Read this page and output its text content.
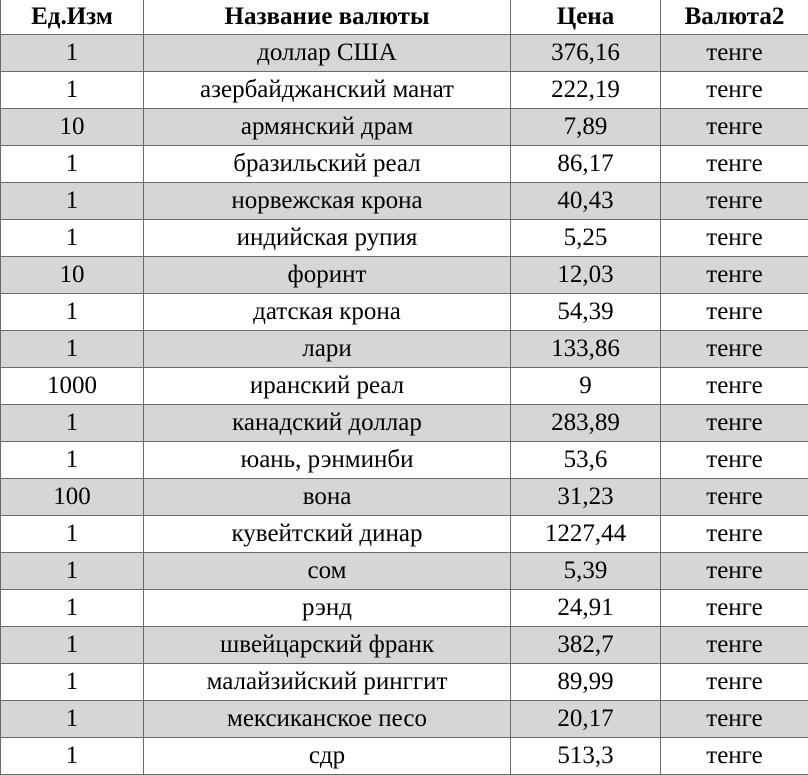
Ед.Изм	Название валюты	Цена	Валюта2
1	доллар США	376,16	тенге
1	азербайджанский манат	222,19	тенге
10	армянский драм	7,89	тенге
1	бразильский реал	86,17	тенге
1	норвежская крона	40,43	тенге
1	индийская рупия	5,25	тенге
10	форинт	12,03	тенге
1	датская крона	54,39	тенге
1	лари	133,86	тенге
1000	иранский реал	9	тенге
1	канадский доллар	283,89	тенге
1	юань, рэнминби	53,6	тенге
100	вона	31,23	тенге
1	кувейтский динар	1227,44	тенге
1	сом	5,39	тенге
1	рэнд	24,91	тенге
1	швейцарский франк	382,7	тенге
1	малайзийский ринггит	89,99	тенге
1	мексиканское песо	20,17	тенге
1	сдр	513,3	тенге
